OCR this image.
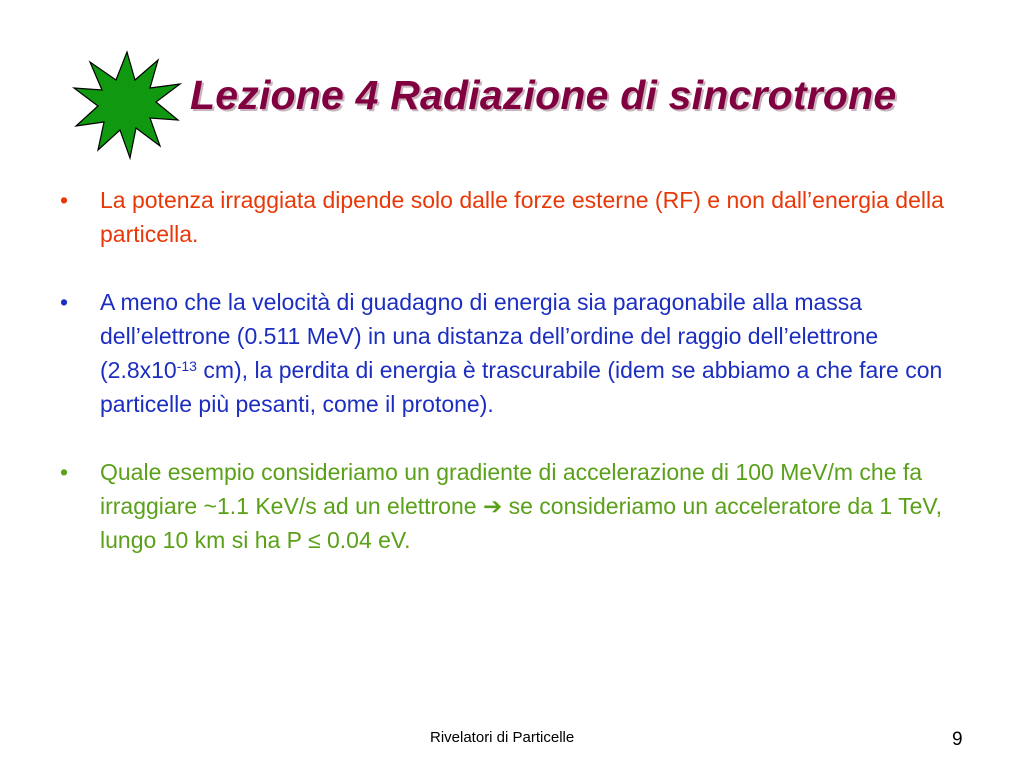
Lezione 4 Radiazione di sincrotrone
•	La potenza irraggiata dipende solo dalle forze esterne (RF) e non dall’energia della particella.
•	A meno che la velocità di guadagno di energia sia paragonabile alla massa dell’elettrone (0.511 MeV) in una distanza dell’ordine del raggio dell’elettrone ($2.8x10^{-13}$ cm), la perdita di energia è trascurabile (idem se abbiamo a che fare con particelle più pesanti, come il protone).
•	Quale esempio consideriamo un gradiente di accelerazione di 100 MeV/m che fa irraggiare ~1.1 KeV/s ad un elettrone ➔ se consideriamo un acceleratore da 1 TeV, lungo 10 km si ha P ≤ 0.04 eV.
Rivelatori di Particelle	9
